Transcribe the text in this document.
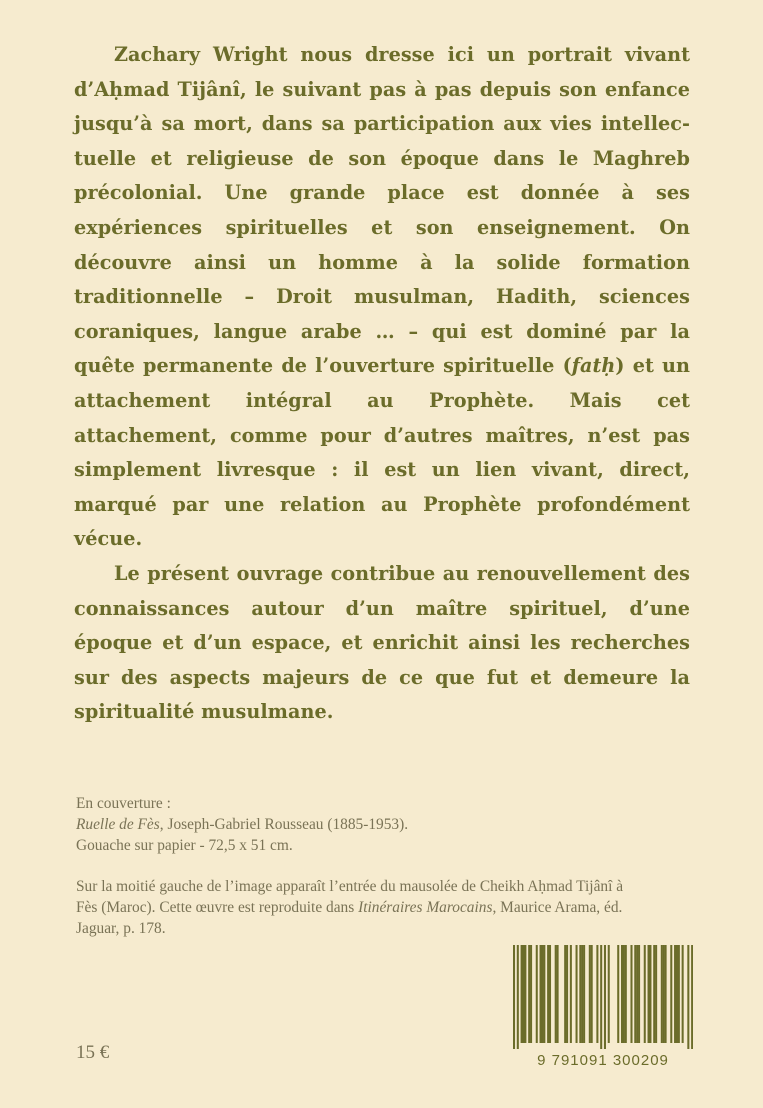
Zachary Wright nous dresse ici un portrait vivant d’Aḥmad Tijânî, le suivant pas à pas depuis son enfance jusqu’à sa mort, dans sa participation aux vies intellectuelle et religieuse de son époque dans le Maghreb précolonial. Une grande place est donnée à ses expériences spirituelles et son enseignement. On découvre ainsi un homme à la solide formation traditionnelle – Droit musulman, Hadith, sciences coraniques, langue arabe … – qui est dominé par la quête permanente de l’ouverture spirituelle (fatḥ) et un attachement intégral au Prophète. Mais cet attachement, comme pour d’autres maîtres, n’est pas simplement livresque : il est un lien vivant, direct, marqué par une relation au Prophète profondément vécue.

Le présent ouvrage contribue au renouvellement des connaissances autour d’un maître spirituel, d’une époque et d’un espace, et enrichit ainsi les recherches sur des aspects majeurs de ce que fut et demeure la spiritualité musulmane.

En couverture :

Ruelle de Fès, Joseph-Gabriel Rousseau (1885-1953).

Gouache sur papier - 72,5 x 51 cm.

Sur la moitié gauche de l’image apparaît l’entrée du mausolée de Cheikh Aḥmad Tijânî à Fès (Maroc). Cette œuvre est reproduite dans Itinéraires Marocains, Maurice Arama, éd. Jaguar, p. 178.

15 €	9 791091 300209
